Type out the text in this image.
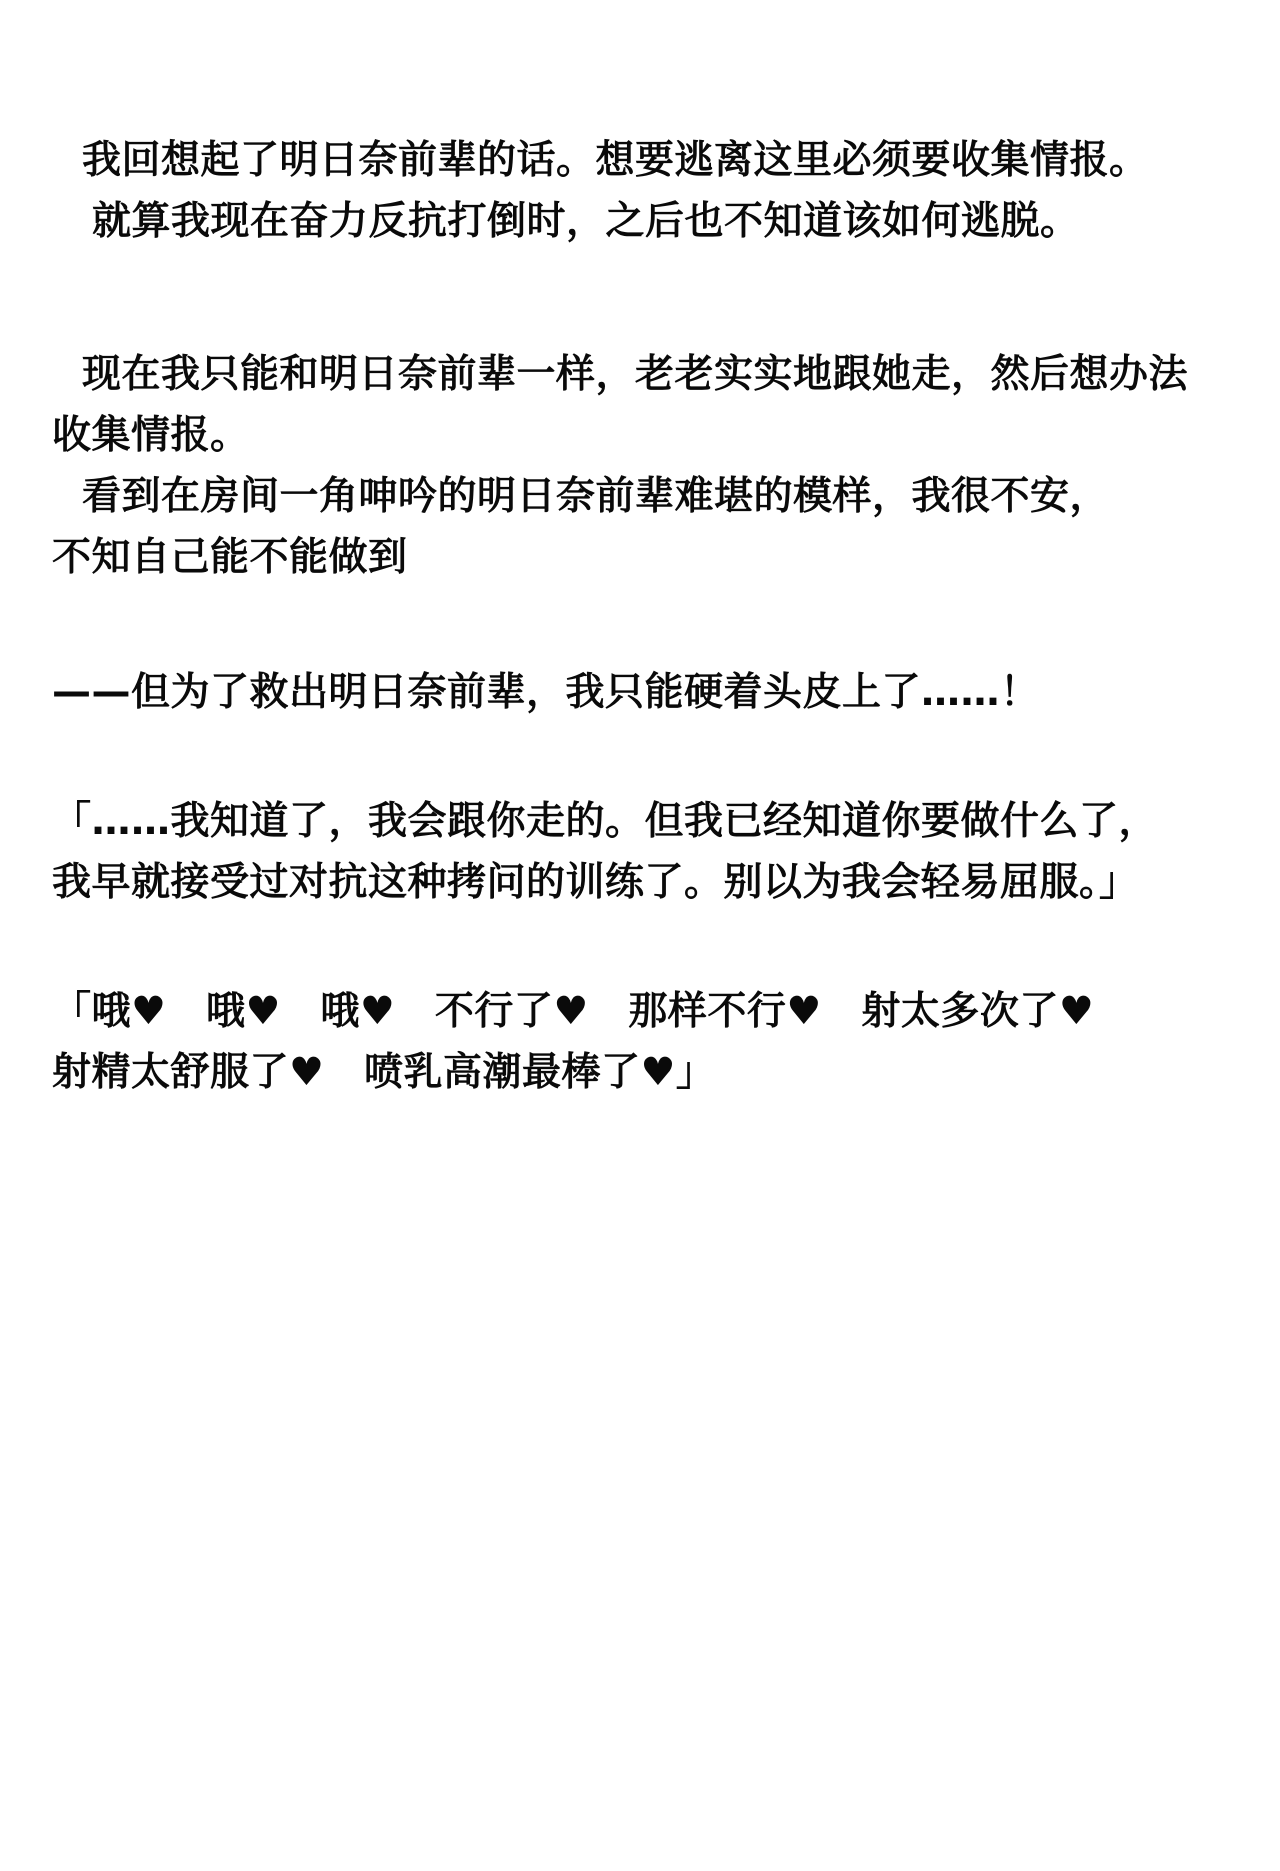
我回想起了明日奈前辈的话。想要逃离这里必须要收集情报。
就算我现在奋力反抗打倒时，之后也不知道该如何逃脱。
现在我只能和明日奈前辈一样，老老实实地跟她走，然后想办法
收集情报。
看到在房间一角呻吟的明日奈前辈难堪的模样，我很不安，
不知自己能不能做到
——但为了救出明日奈前辈，我只能硬着头皮上了……！
「……我知道了，我会跟你走的。但我已经知道你要做什么了，
我早就接受过对抗这种拷问的训练了。别以为我会轻易屈服。」
「哦♥　哦♥　哦♥　不行了♥　那样不行♥　射太多次了♥
射精太舒服了♥　喷乳高潮最棒了♥」
